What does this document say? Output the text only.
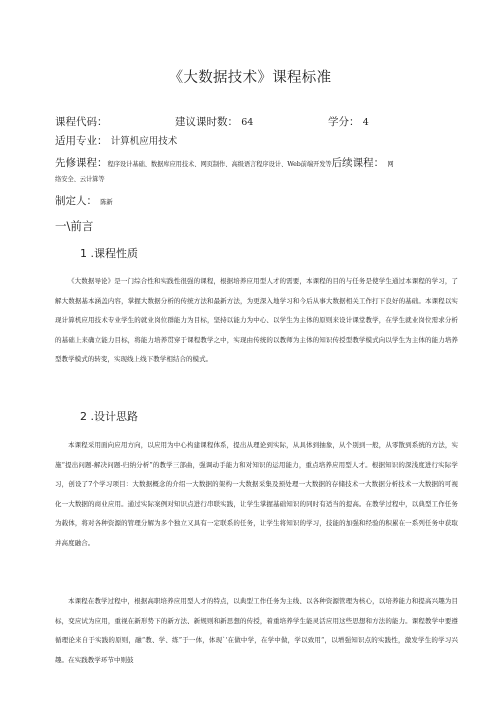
《大数据技术》课程标准
课程代码：	建议课时数： 64	学分： 4
适用专业： 计算机应用技术
先修课程：程序设计基础、数据库应用技术、网页制作、高级语言程序设计、Web前端开发等后续课程： 网
络安全、云计算等
制定人： 陈新
一\前言
1 .课程性质
《大数据导论》是一门综合性和实践性很强的课程，根据培养应用型人才的需要，本课程的目的与任务是使学生通过本课程的学习，了解大数据基本涵盖内容，掌握大数据分析的传统方法和最新方法，为更深入地学习和今后从事大数据相关工作打下良好的基础。本课程以实现计算机应用技术专业学生的就业岗位群能力为目标，坚持以能力为中心、以学生为主体的原则来设计课堂教学，在学生就业岗位需求分析的基础上来确立能力目标，将能力培养贯穿于课程教学之中，实现由传统的以教师为主体的知识传授型教学模式向以学生为主体的能力培养型教学模式的转变，实现线上线下教学相结合的模式。
2 .设计思路
本课程采用面向应用方向，以应用为中心构建课程体系，提出从理论到实际，从具体到抽象，从个别到一般，从零散到系统的方法，实施“提出问题-解决问题-归纳分析”的教学三部曲，强调动手能力和对知识的运用能力，重点培养应用型人才。根据知识的深浅度进行实际学习，创设了7个学习项目：大数据概念的介绍一大数据的架构一大数据采集及预处理一大数据的存储技术一大数据分析技术一大数据的可视化一大数据的商业应用。通过实际案例对知识点进行串联实践，让学生掌握基础知识的同时有适当的提高。在教学过程中，以典型工作任务为载体，将对各种资源的管理分解为多个独立又具有一定联系的任务，让学生将知识的学习，技能的加强和经验的积累在一系列任务中获取并高度融合。
本课程在教学过程中，根据高职培养应用型人才的特点，以典型工作任务为主线、以各种资源管理为核心，以培养能力和提高兴趣为目标，变应试为应用，重视在新形势下的新方法、新规则和新思想的传授，着重培养学生能灵活应用这些思想和方法的能力。课程教学中要遵循理论来自于实践的原则，融“教、学、练”于一体，体现`'在做中学，在学中做，学以致用“，以增强知识点的实践性，激发学生的学习兴趣。在实践教学环节中则鼓
